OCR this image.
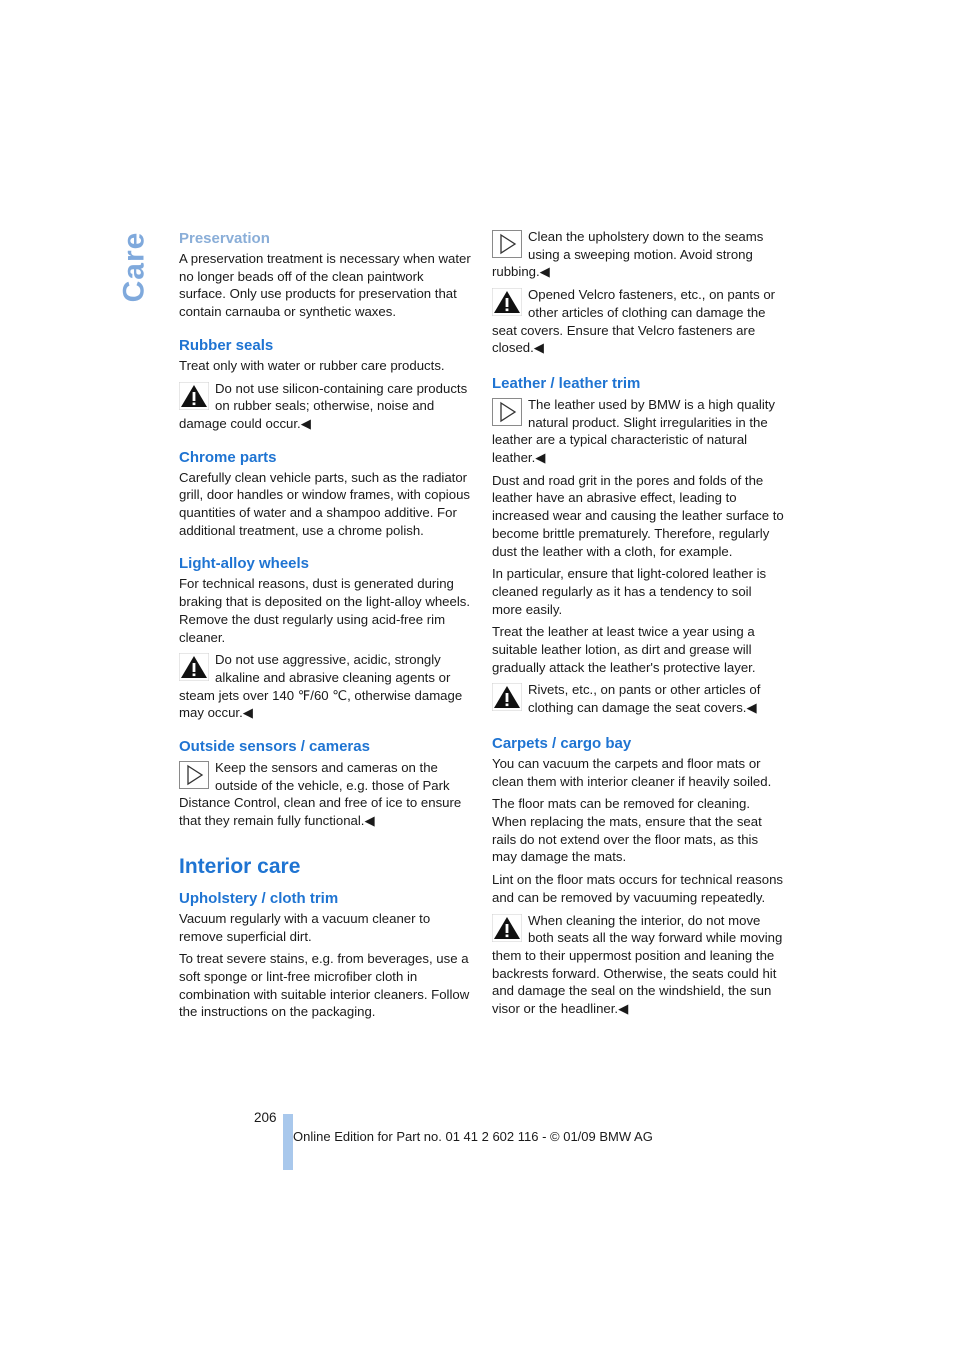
Care Preservation

A preservation treatment is necessary when water no longer beads off of the clean paintwork surface. Only use products for preservation that contain carnauba or synthetic waxes.

Rubber seals

Treat only with water or rubber care products.

Do not use silicon-containing care products on rubber seals; otherwise, noise and damage could occur.◀

Chrome parts

Carefully clean vehicle parts, such as the radiator grill, door handles or window frames, with copious quantities of water and a shampoo additive. For additional treatment, use a chrome polish.

Light-alloy wheels

For technical reasons, dust is generated during braking that is deposited on the light-alloy wheels. Remove the dust regularly using acid-free rim cleaner.

Do not use aggressive, acidic, strongly alkaline and abrasive cleaning agents or steam jets over 140 ℉/60 ℃, otherwise damage may occur.◀

Outside sensors / cameras

Keep the sensors and cameras on the outside of the vehicle, e.g. those of Park Distance Control, clean and free of ice to ensure that they remain fully functional.◀

Interior care
Upholstery / cloth trim

Vacuum regularly with a vacuum cleaner to remove superficial dirt.

To treat severe stains, e.g. from beverages, use a soft sponge or lint-free microfiber cloth in combination with suitable interior cleaners. Follow the instructions on the packaging.

Clean the upholstery down to the seams using a sweeping motion. Avoid strong rubbing.◀

Opened Velcro fasteners, etc., on pants or other articles of clothing can damage the seat covers. Ensure that Velcro fasteners are closed.◀

Leather / leather trim

The leather used by BMW is a high quality natural product. Slight irregularities in the leather are a typical characteristic of natural leather.◀

Dust and road grit in the pores and folds of the leather have an abrasive effect, leading to increased wear and causing the leather surface to become brittle prematurely. Therefore, regularly dust the leather with a cloth, for example.

In particular, ensure that light-colored leather is cleaned regularly as it has a tendency to soil more easily.

Treat the leather at least twice a year using a suitable leather lotion, as dirt and grease will gradually attack the leather's protective layer.

Rivets, etc., on pants or other articles of clothing can damage the seat covers.◀

Carpets / cargo bay

You can vacuum the carpets and floor mats or clean them with interior cleaner if heavily soiled.

The floor mats can be removed for cleaning. When replacing the mats, ensure that the seat rails do not extend over the floor mats, as this may damage the mats.

Lint on the floor mats occurs for technical reasons and can be removed by vacuuming repeatedly.

When cleaning the interior, do not move both seats all the way forward while moving them to their uppermost position and leaning the backrests forward. Otherwise, the seats could hit and damage the seal on the windshield, the sun visor or the headliner.◀

206
Online Edition for Part no. 01 41 2 602 116 - © 01/09 BMW AG
